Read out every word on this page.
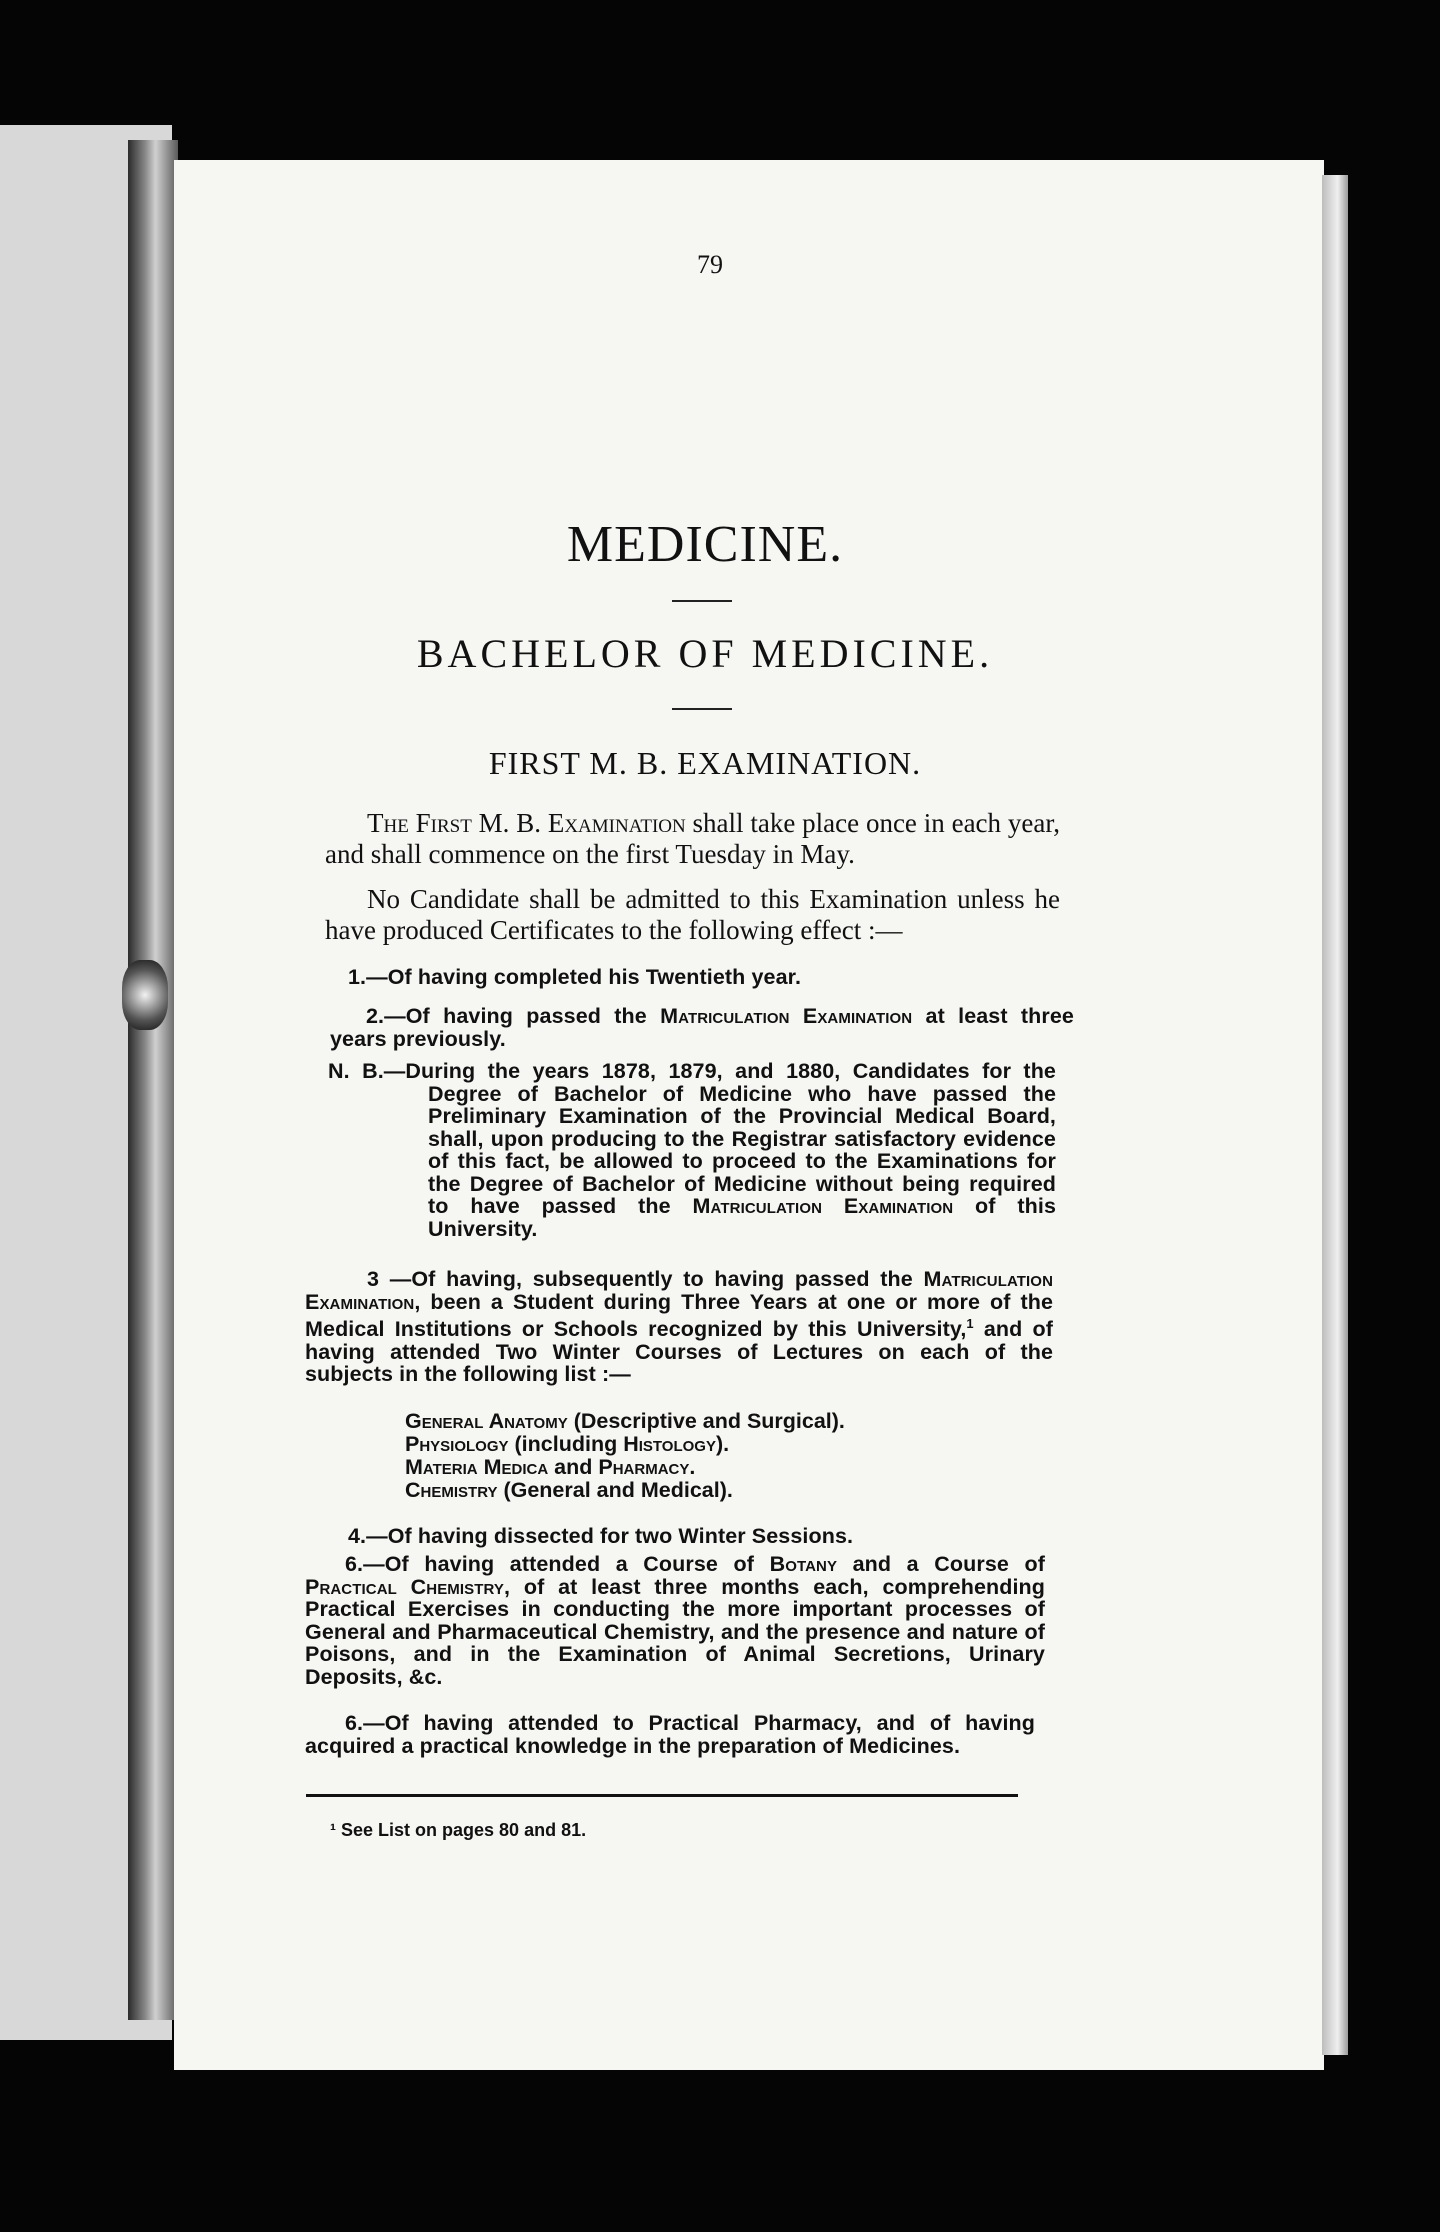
79
MEDICINE.
BACHELOR OF MEDICINE.
FIRST M. B. EXAMINATION.
The First M. B. Examination shall take place once in each year, and shall commence on the first Tuesday in May.
No Candidate shall be admitted to this Examination unless he have produced Certificates to the following effect :—
1.—Of having completed his Twentieth year.
2.—Of having passed the Matriculation Examination at least three years previously.
N. B.—During the years 1878, 1879, and 1880, Candidates for the Degree of Bachelor of Medicine who have passed the Preliminary Examination of the Provincial Medical Board, shall, upon producing to the Registrar satisfactory evidence of this fact, be allowed to proceed to the Examinations for the Degree of Bachelor of Medicine without being required to have passed the Matriculation Examination of this University.
3 —Of having, subsequently to having passed the Matriculation Examination, been a Student during Three Years at one or more of the Medical Institutions or Schools recognized by this University,$^1$ and of having attended Two Winter Courses of Lectures on each of the subjects in the following list :—
General Anatomy (Descriptive and Surgical).
Physiology (including Histology).
Materia Medica and Pharmacy.
Chemistry (General and Medical).
4.—Of having dissected for two Winter Sessions.
6.—Of having attended a Course of Botany and a Course of Practical Chemistry, of at least three months each, comprehending Practical Exercises in conducting the more important processes of General and Pharmaceutical Chemistry, and the presence and nature of Poisons, and in the Examination of Animal Secretions, Urinary Deposits, &c.
6.—Of having attended to Practical Pharmacy, and of having acquired a practical knowledge in the preparation of Medicines.
¹ See List on pages 80 and 81.
